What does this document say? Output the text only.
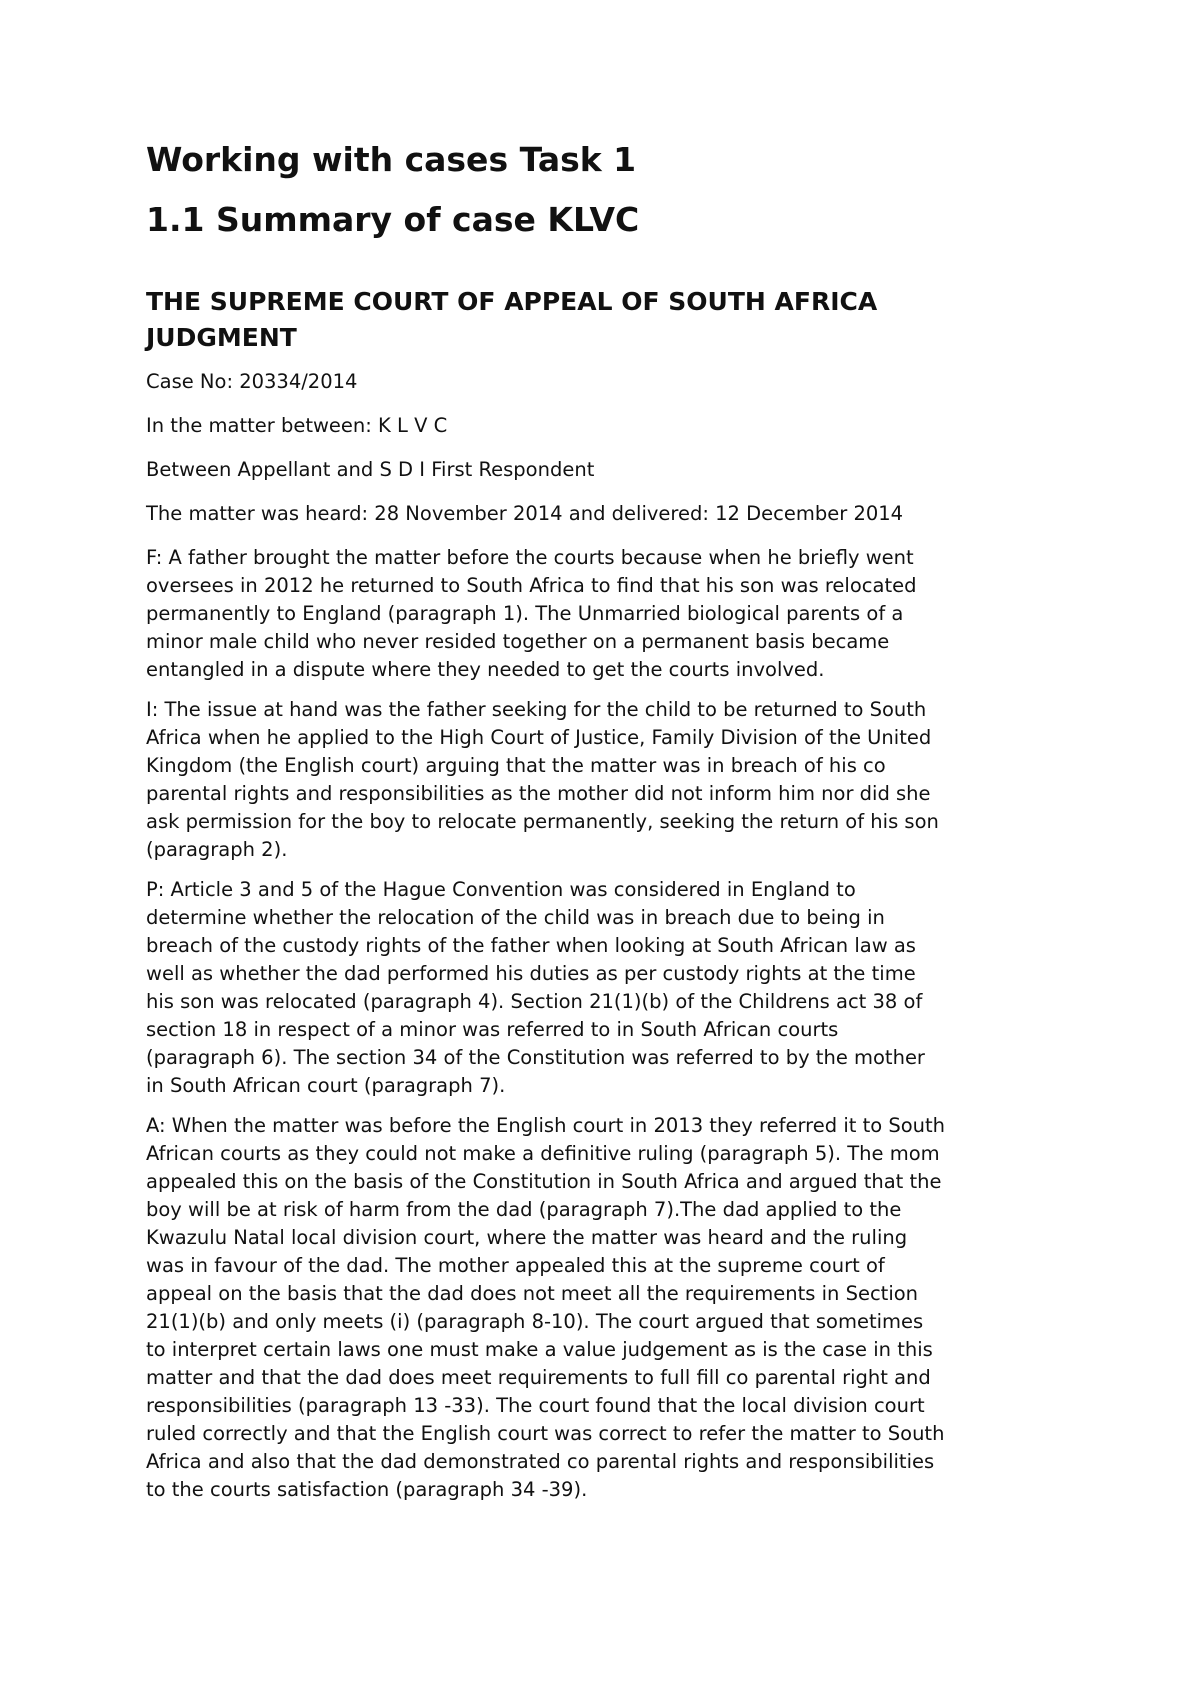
Working with cases Task 1
1.1 Summary of case KLVC
THE SUPREME COURT OF APPEAL OF SOUTH AFRICA
JUDGMENT

Case No: 20334/2014

In the matter between: K L V C

Between Appellant and S D I First Respondent

The matter was heard: 28 November 2014 and delivered: 12 December 2014

F: A father brought the matter before the courts because when he briefly went
oversees in 2012 he returned to South Africa to find that his son was relocated
permanently to England (paragraph 1). The Unmarried biological parents of a
minor male child who never resided together on a permanent basis became
entangled in a dispute where they needed to get the courts involved.

I: The issue at hand was the father seeking for the child to be returned to South
Africa when he applied to the High Court of Justice, Family Division of the United
Kingdom (the English court) arguing that the matter was in breach of his co
parental rights and responsibilities as the mother did not inform him nor did she
ask permission for the boy to relocate permanently, seeking the return of his son
(paragraph 2).

P: Article 3 and 5 of the Hague Convention was considered in England to
determine whether the relocation of the child was in breach due to being in
breach of the custody rights of the father when looking at South African law as
well as whether the dad performed his duties as per custody rights at the time
his son was relocated (paragraph 4). Section 21(1)(b) of the Childrens act 38 of
section 18 in respect of a minor was referred to in South African courts
(paragraph 6). The section 34 of the Constitution was referred to by the mother
in South African court (paragraph 7).

A: When the matter was before the English court in 2013 they referred it to South
African courts as they could not make a definitive ruling (paragraph 5). The mom
appealed this on the basis of the Constitution in South Africa and argued that the
boy will be at risk of harm from the dad (paragraph 7).The dad applied to the
Kwazulu Natal local division court, where the matter was heard and the ruling
was in favour of the dad. The mother appealed this at the supreme court of
appeal on the basis that the dad does not meet all the requirements in Section
21(1)(b) and only meets (i) (paragraph 8-10). The court argued that sometimes
to interpret certain laws one must make a value judgement as is the case in this
matter and that the dad does meet requirements to full fill co parental right and
responsibilities (paragraph 13 -33). The court found that the local division court
ruled correctly and that the English court was correct to refer the matter to South
Africa and also that the dad demonstrated co parental rights and responsibilities
to the courts satisfaction (paragraph 34 -39).
